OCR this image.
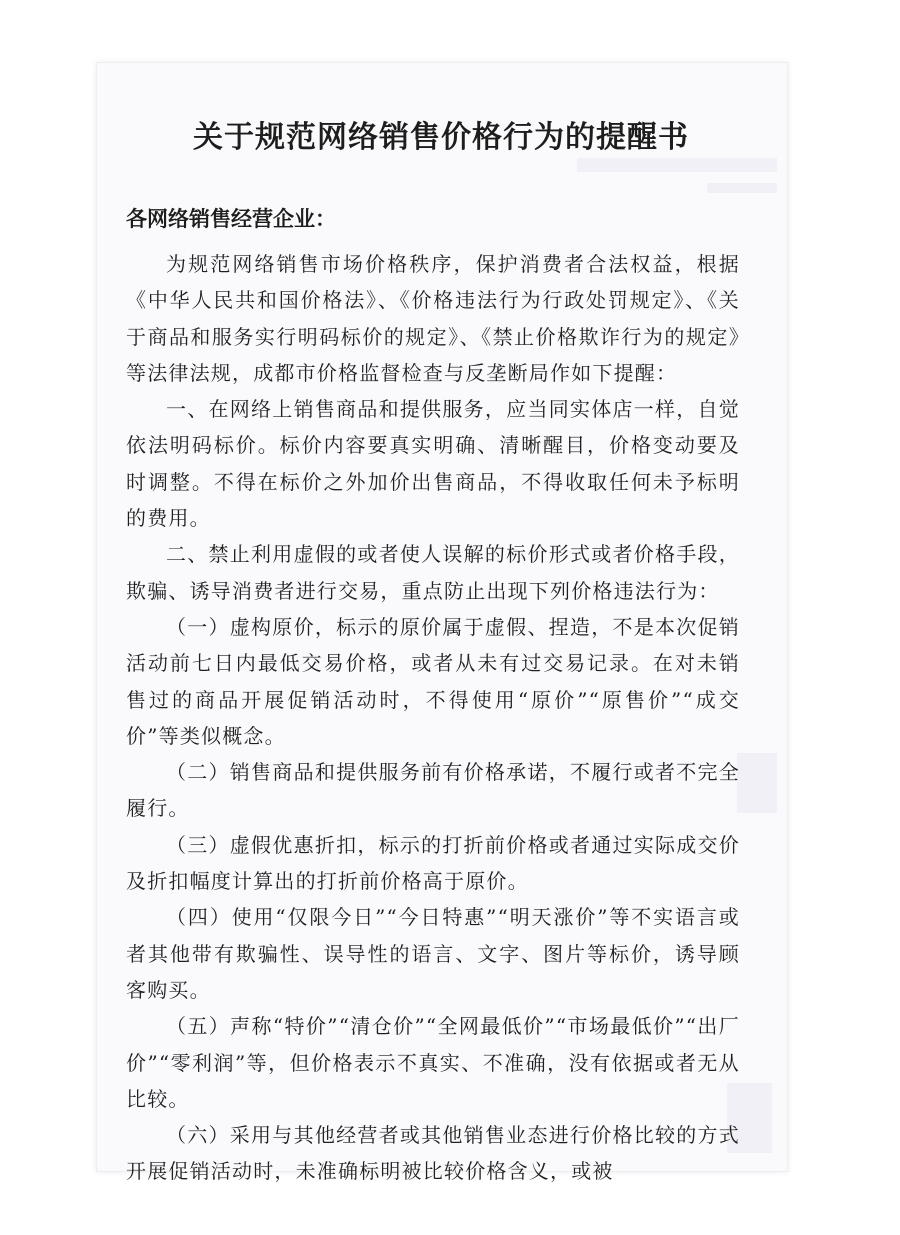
关于规范网络销售价格行为的提醒书
各网络销售经营企业：

为规范网络销售市场价格秩序，保护消费者合法权益，根据《中华人民共和国价格法》、《价格违法行为行政处罚规定》、《关于商品和服务实行明码标价的规定》、《禁止价格欺诈行为的规定》等法律法规，成都市价格监督检查与反垄断局作如下提醒：

一、在网络上销售商品和提供服务，应当同实体店一样，自觉依法明码标价。标价内容要真实明确、清晰醒目，价格变动要及时调整。不得在标价之外加价出售商品，不得收取任何未予标明的费用。

二、禁止利用虚假的或者使人误解的标价形式或者价格手段，欺骗、诱导消费者进行交易，重点防止出现下列价格违法行为：

（一）虚构原价，标示的原价属于虚假、捏造，不是本次促销活动前七日内最低交易价格，或者从未有过交易记录。在对未销售过的商品开展促销活动时，不得使用“原价”“原售价”“成交价”等类似概念。

（二）销售商品和提供服务前有价格承诺，不履行或者不完全履行。

（三）虚假优惠折扣，标示的打折前价格或者通过实际成交价及折扣幅度计算出的打折前价格高于原价。

（四）使用“仅限今日”“今日特惠”“明天涨价”等不实语言或者其他带有欺骗性、误导性的语言、文字、图片等标价，诱导顾客购买。

（五）声称“特价”“清仓价”“全网最低价”“市场最低价”“出厂价”“零利润”等，但价格表示不真实、不准确，没有依据或者无从比较。

（六）采用与其他经营者或其他销售业态进行价格比较的方式开展促销活动时，未准确标明被比较价格含义，或被
